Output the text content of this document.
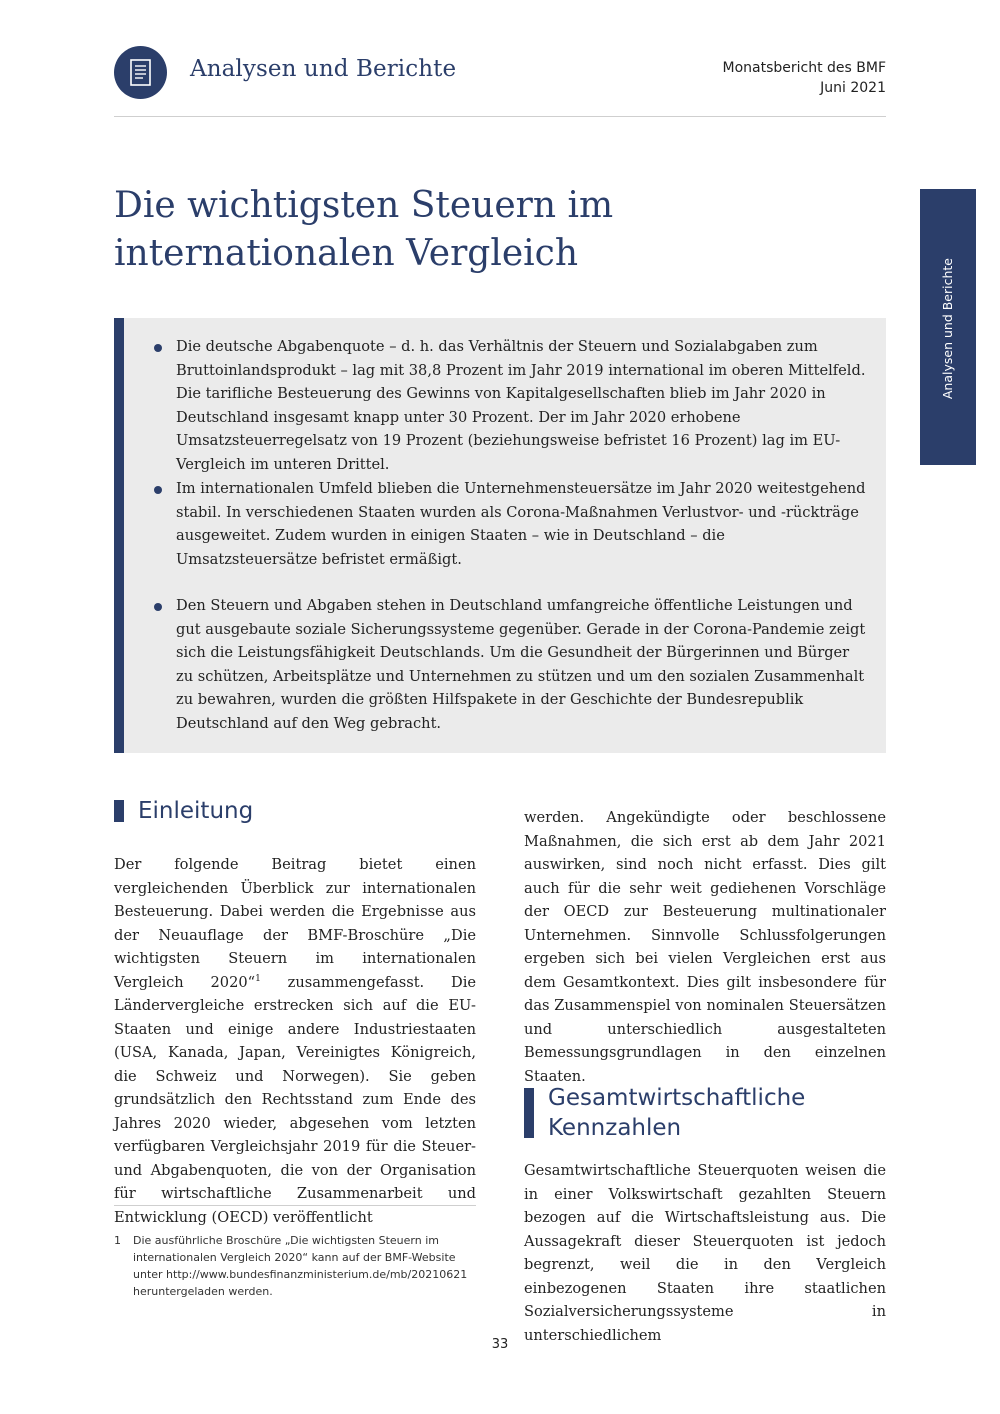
Analysen und Berichte	Monatsbericht des BMF
Juni 2021
Analysen und Berichte
Die wichtigsten Steuern im internationalen Vergleich
Die deutsche Abgabenquote – d. h. das Verhältnis der Steuern und Sozialabgaben zum Bruttoinlandsprodukt – lag mit 38,8 Prozent im Jahr 2019 international im oberen Mittelfeld. Die tarifliche Besteuerung des Gewinns von Kapitalgesellschaften blieb im Jahr 2020 in Deutschland insgesamt knapp unter 30 Prozent. Der im Jahr 2020 erhobene Umsatzsteuerregelsatz von 19 Prozent (beziehungsweise befristet 16 Prozent) lag im EU-Vergleich im unteren Drittel.
Im internationalen Umfeld blieben die Unternehmensteuersätze im Jahr 2020 weitestgehend stabil. In verschiedenen Staaten wurden als Corona-Maßnahmen Verlustvor- und -rückträge ausgeweitet. Zudem wurden in einigen Staaten – wie in Deutschland – die Umsatzsteuersätze befristet ermäßigt.
Den Steuern und Abgaben stehen in Deutschland umfangreiche öffentliche Leistungen und gut ausgebaute soziale Sicherungssysteme gegenüber. Gerade in der Corona-Pandemie zeigt sich die Leistungsfähigkeit Deutschlands. Um die Gesundheit der Bürgerinnen und Bürger zu schützen, Arbeitsplätze und Unternehmen zu stützen und um den sozialen Zusammenhalt zu bewahren, wurden die größten Hilfspakete in der Geschichte der Bundesrepublik Deutschland auf den Weg gebracht.
Einleitung

Der folgende Beitrag bietet einen vergleichenden Überblick zur internationalen Besteuerung. Dabei werden die Ergebnisse aus der Neuauflage der BMF-Broschüre „Die wichtigsten Steuern im internationalen Vergleich 2020“$^1$ zusammengefasst. Die Ländervergleiche erstrecken sich auf die EU-Staaten und einige andere Industriestaaten (USA, Kanada, Japan, Vereinigtes Königreich, die Schweiz und Norwegen). Sie geben grundsätzlich den Rechtsstand zum Ende des Jahres 2020 wieder, abgesehen vom letzten verfügbaren Vergleichsjahr 2019 für die Steuer- und Abgabenquoten, die von der Organisation für wirtschaftliche Zusammenarbeit und Entwicklung (OECD) veröffentlicht

1 Die ausführliche Broschüre „Die wichtigsten Steuern im internationalen Vergleich 2020“ kann auf der BMF-Website unter http://www.bundesfinanzministerium.de/mb/20210621 heruntergeladen werden.

werden. Angekündigte oder beschlossene Maßnahmen, die sich erst ab dem Jahr 2021 auswirken, sind noch nicht erfasst. Dies gilt auch für die sehr weit gediehenen Vorschläge der OECD zur Besteuerung multinationaler Unternehmen. Sinnvolle Schlussfolgerungen ergeben sich bei vielen Vergleichen erst aus dem Gesamtkontext. Dies gilt insbesondere für das Zusammenspiel von nominalen Steuersätzen und unterschiedlich ausgestalteten Bemessungsgrundlagen in den einzelnen Staaten.

Gesamtwirtschaftliche
Kennzahlen

Gesamtwirtschaftliche Steuerquoten weisen die in einer Volkswirtschaft gezahlten Steuern bezogen auf die Wirtschaftsleistung aus. Die Aussagekraft dieser Steuerquoten ist jedoch begrenzt, weil die in den Vergleich einbezogenen Staaten ihre staatlichen Sozialversicherungssysteme in unterschiedlichem

33
